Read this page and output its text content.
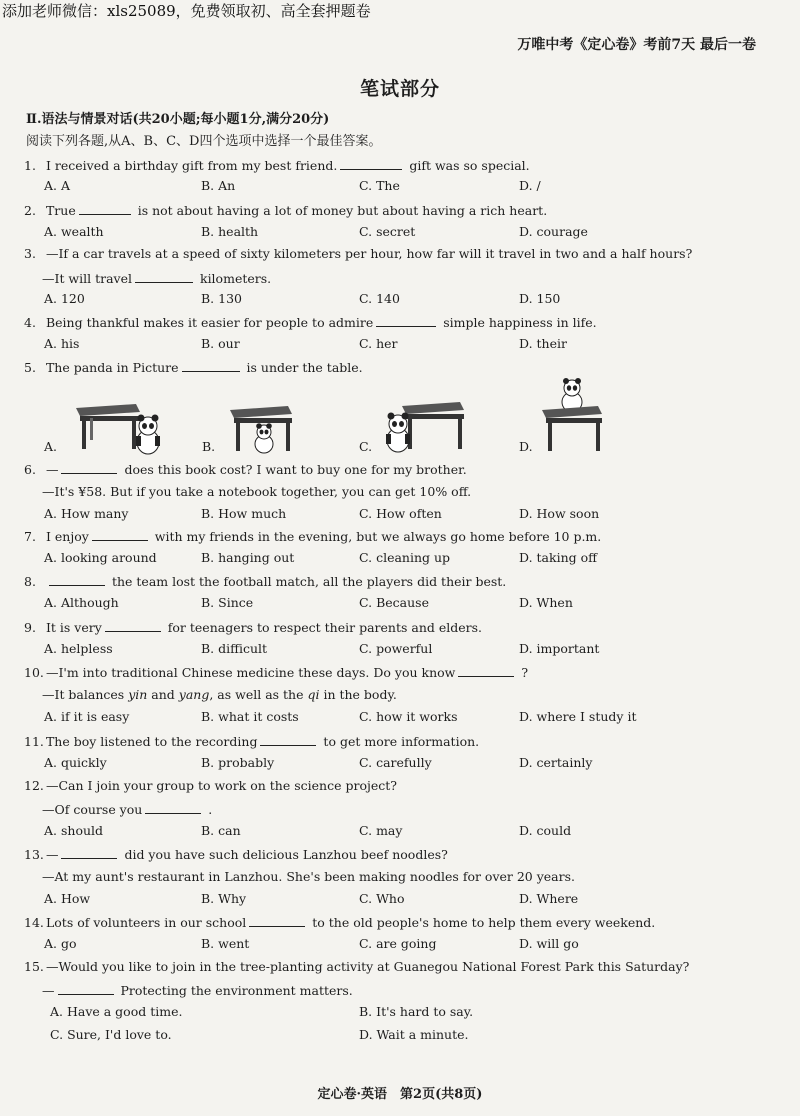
添加老师微信：xls25089，免费领取初、高全套押题卷
万唯中考《定心卷》考前7天 最后一卷
笔试部分
Ⅱ.语法与情景对话(共20小题;每小题1分,满分20分)
阅读下列各题,从A、B、C、D四个选项中选择一个最佳答案。
1. I received a birthday gift from my best friend.	gift was so special.
A. A	B. An	C. The	D. /
2. True	is not about having a lot of money but about having a rich heart.
A. wealth	B. health	C. secret	D. courage
3. —If a car travels at a speed of sixty kilometers per hour, how far will it travel in two and a half hours?
—It will travel	kilometers.
A. 120	B. 130	C. 140	D. 150
4. Being thankful makes it easier for people to admire	simple happiness in life.
A. his	B. our	C. her	D. their
5. The panda in Picture	is under the table.
6. —	does this book cost? I want to buy one for my brother.
—It's ¥58. But if you take a notebook together, you can get 10% off.
A. How many	B. How much	C. How often	D. How soon
7. I enjoy	with my friends in the evening, but we always go home before 10 p.m.
A. looking around	B. hanging out	C. cleaning up	D. taking off
8.	the team lost the football match, all the players did their best.
A. Although	B. Since	C. Because	D. When
9. It is very	for teenagers to respect their parents and elders.
A. helpless	B. difficult	C. powerful	D. important
10. —I'm into traditional Chinese medicine these days. Do you know	?
—It balances yin and yang, as well as the qi in the body.
A. if it is easy	B. what it costs	C. how it works	D. where I study it
11. The boy listened to the recording	to get more information.
A. quickly	B. probably	C. carefully	D. certainly
12. —Can I join your group to work on the science project?
—Of course you	.
A. should	B. can	C. may	D. could
13. —	did you have such delicious Lanzhou beef noodles?
—At my aunt's restaurant in Lanzhou. She's been making noodles for over 20 years.
A. How	B. Why	C. Who	D. Where
14. Lots of volunteers in our school	to the old people's home to help them every weekend.
A. go	B. went	C. are going	D. will go
15. —Would you like to join in the tree-planting activity at Guanegou National Forest Park this Saturday?
—	Protecting the environment matters.
A. Have a good time.	B. It's hard to say.
C. Sure, I'd love to.	D. Wait a minute.
A.	B.	C.	D.
定心卷·英语　第2页(共8页)
